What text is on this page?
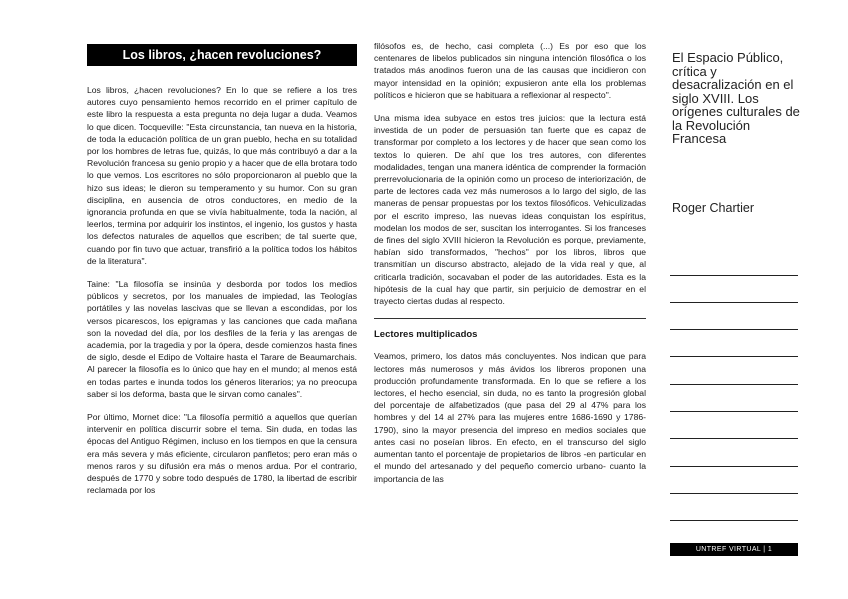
Los libros, ¿hacen revoluciones?

Los libros, ¿hacen revoluciones? En lo que se refiere a los tres autores cuyo pensamiento hemos recorrido en el primer capítulo de este libro la respuesta a esta pregunta no deja lugar a duda. Veamos lo que dicen. Tocqueville: "Esta circunstancia, tan nueva en la historia, de toda la educación política de un gran pueblo, hecha en su totalidad por los hombres de letras fue, quizás, lo que más contribuyó a dar a la Revolución francesa su genio propio y a hacer que de ella brotara todo lo que vemos. Los escritores no sólo proporcionaron al pueblo que la hizo sus ideas; le dieron su temperamento y su humor. Con su gran disciplina, en ausencia de otros conductores, en medio de la ignorancia profunda en que se vivía habitualmente, toda la nación, al leerlos, termina por adquirir los instintos, el ingenio, los gustos y hasta los defectos naturales de aquellos que escriben; de tal suerte que, cuando por fin tuvo que actuar, transfirió a la política todos los hábitos de la literatura".

Taine: "La filosofía se insinúa y desborda por todos los medios públicos y secretos, por los manuales de impiedad, las Teologías portátiles y las novelas lascivas que se llevan a escondidas, por los versos picarescos, los epigramas y las canciones que cada mañana son la novedad del día, por los desfiles de la feria y las arengas de academia, por la tragedia y por la ópera, desde comienzos hasta fines de siglo, desde el Edipo de Voltaire hasta el Tarare de Beaumarchais. Al parecer la filosofía es lo único que hay en el mundo; al menos está en todas partes e inunda todos los géneros literarios; ya no preocupa saber si los deforma, basta que le sirvan como canales".

Por último, Mornet dice: "La filosofía permitió a aquellos que querían intervenir en política discurrir sobre el tema. Sin duda, en todas las épocas del Antiguo Régimen, incluso en los tiempos en que la censura era más severa y más eficiente, circularon panfletos; pero eran más o menos raros y su difusión era más o menos ardua. Por el contrario, después de 1770 y sobre todo después de 1780, la libertad de escribir reclamada por los

filósofos es, de hecho, casi completa (...) Es por eso que los centenares de libelos publicados sin ninguna intención filosófica o los tratados más anodinos fueron una de las causas que incidieron con mayor intensidad en la opinión; expusieron ante ella los problemas políticos e hicieron que se habituara a reflexionar al respecto".

Una misma idea subyace en estos tres juicios: que la lectura está investida de un poder de persuasión tan fuerte que es capaz de transformar por completo a los lectores y de hacer que sean como los textos lo quieren. De ahí que los tres autores, con diferentes modalidades, tengan una manera idéntica de comprender la formación prerrevolucionaria de la opinión como un proceso de interiorización, de parte de lectores cada vez más numerosos a lo largo del siglo, de las maneras de pensar propuestas por los textos filosóficos. Vehiculizadas por el escrito impreso, las nuevas ideas conquistan los espíritus, modelan los modos de ser, suscitan los interrogantes. Si los franceses de fines del siglo XVIII hicieron la Revolución es porque, previamente, habían sido transformados, "hechos" por los libros, libros que transmitían un discurso abstracto, alejado de la vida real y que, al criticarla tradición, socavaban el poder de las autoridades. Esta es la hipótesis de la cual hay que partir, sin perjuicio de demostrar en el trayecto ciertas dudas al respecto.

Lectores multiplicados

Veamos, primero, los datos más concluyentes. Nos indican que para lectores más numerosos y más ávidos los libreros proponen una producción profundamente transformada. En lo que se refiere a los lectores, el hecho esencial, sin duda, no es tanto la progresión global del porcentaje de alfabetizados (que pasa del 29 al 47% para los hombres y del 14 al 27% para las mujeres entre 1686-1690 y 1786-1790), sino la mayor presencia del impreso en medios sociales que antes casi no poseían libros. En efecto, en el transcurso del siglo aumentan tanto el porcentaje de propietarios de libros -en particular en el mundo del artesanado y del pequeño comercio urbano- cuanto la importancia de las

El Espacio Público, crítica y desacralización en el siglo XVIII. Los orígenes culturales de la Revolución Francesa
Roger Chartier
UNTREF VIRTUAL | 1
